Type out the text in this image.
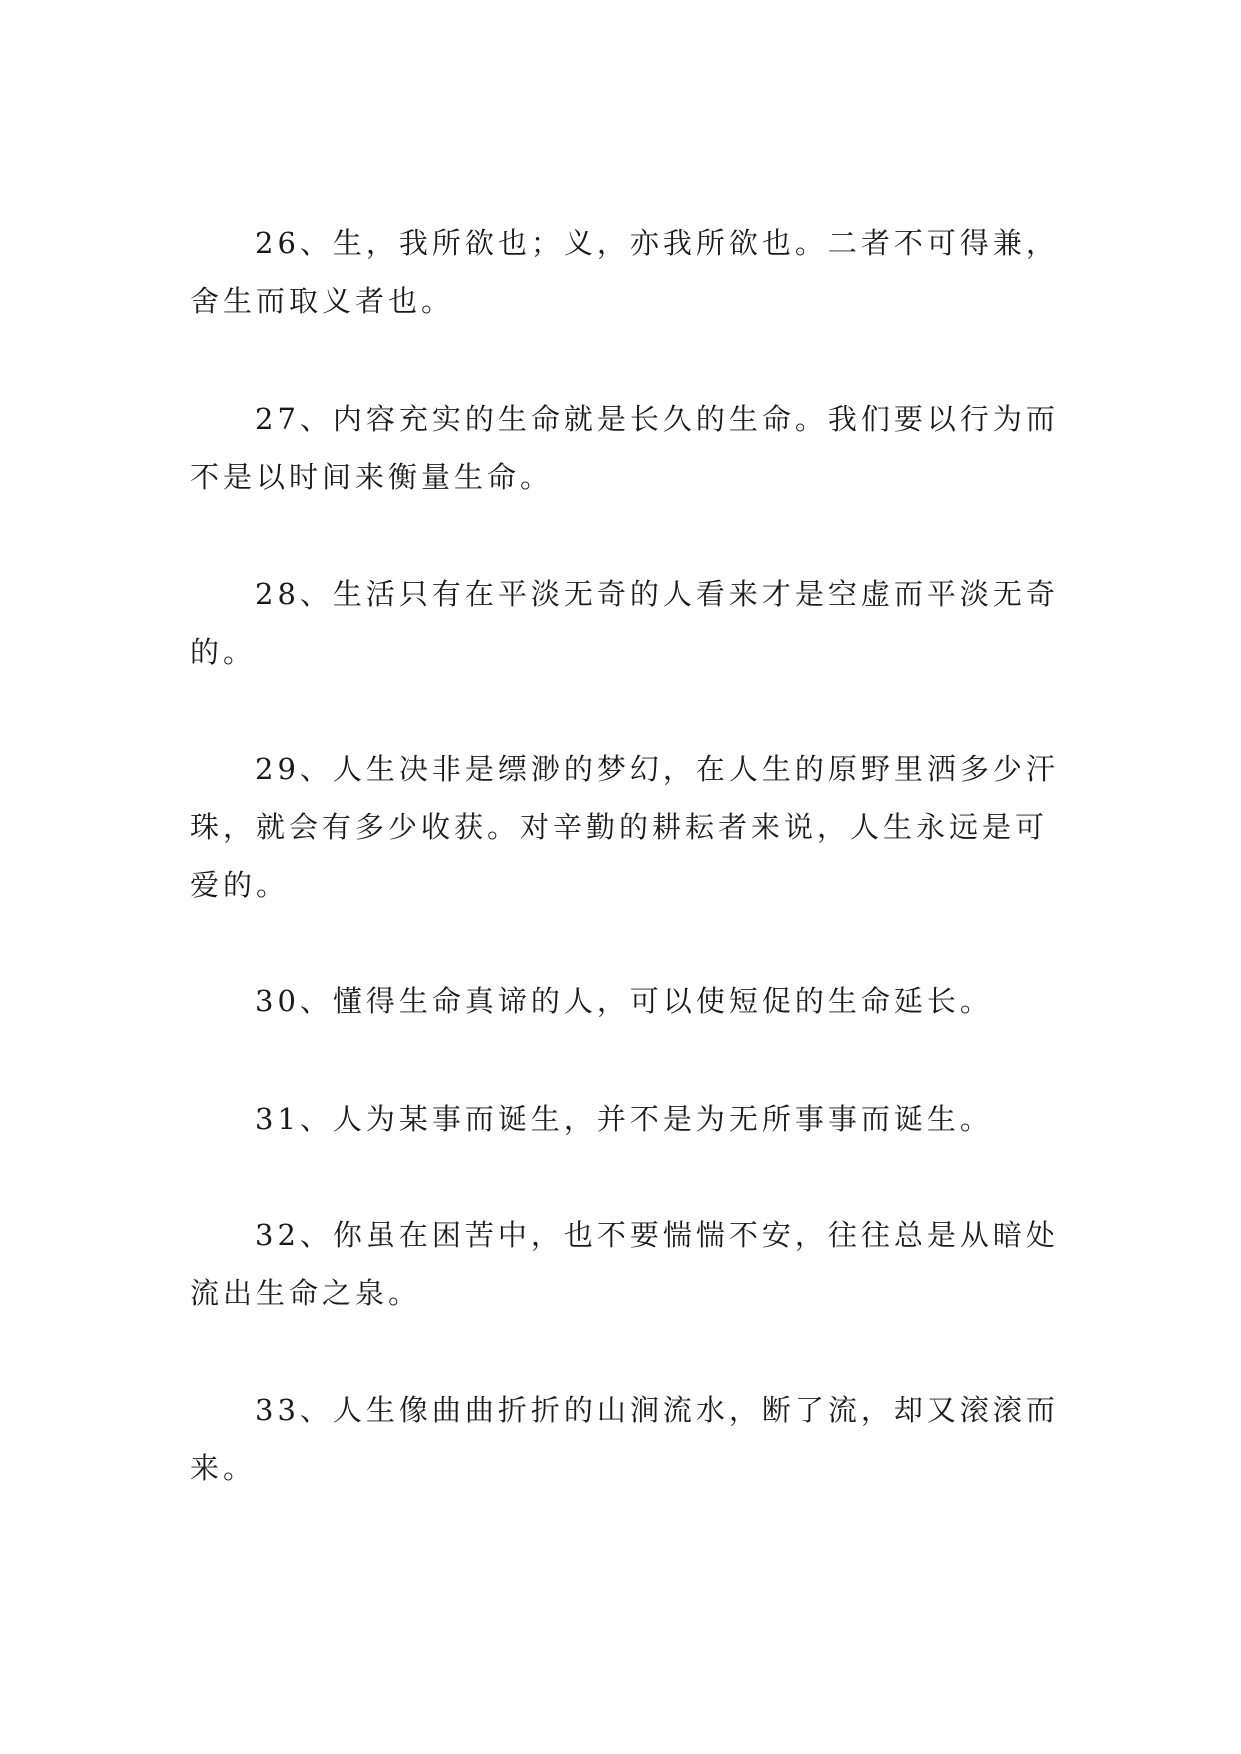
26、生，我所欲也；义，亦我所欲也。二者不可得兼，舍生而取义者也。

27、内容充实的生命就是长久的生命。我们要以行为而不是以时间来衡量生命。

28、生活只有在平淡无奇的人看来才是空虚而平淡无奇的。

29、人生决非是缥渺的梦幻，在人生的原野里洒多少汗珠，就会有多少收获。对辛勤的耕耘者来说，人生永远是可爱的。

30、懂得生命真谛的人，可以使短促的生命延长。

31、人为某事而诞生，并不是为无所事事而诞生。

32、你虽在困苦中，也不要惴惴不安，往往总是从暗处流出生命之泉。

33、人生像曲曲折折的山涧流水，断了流，却又滚滚而来。
